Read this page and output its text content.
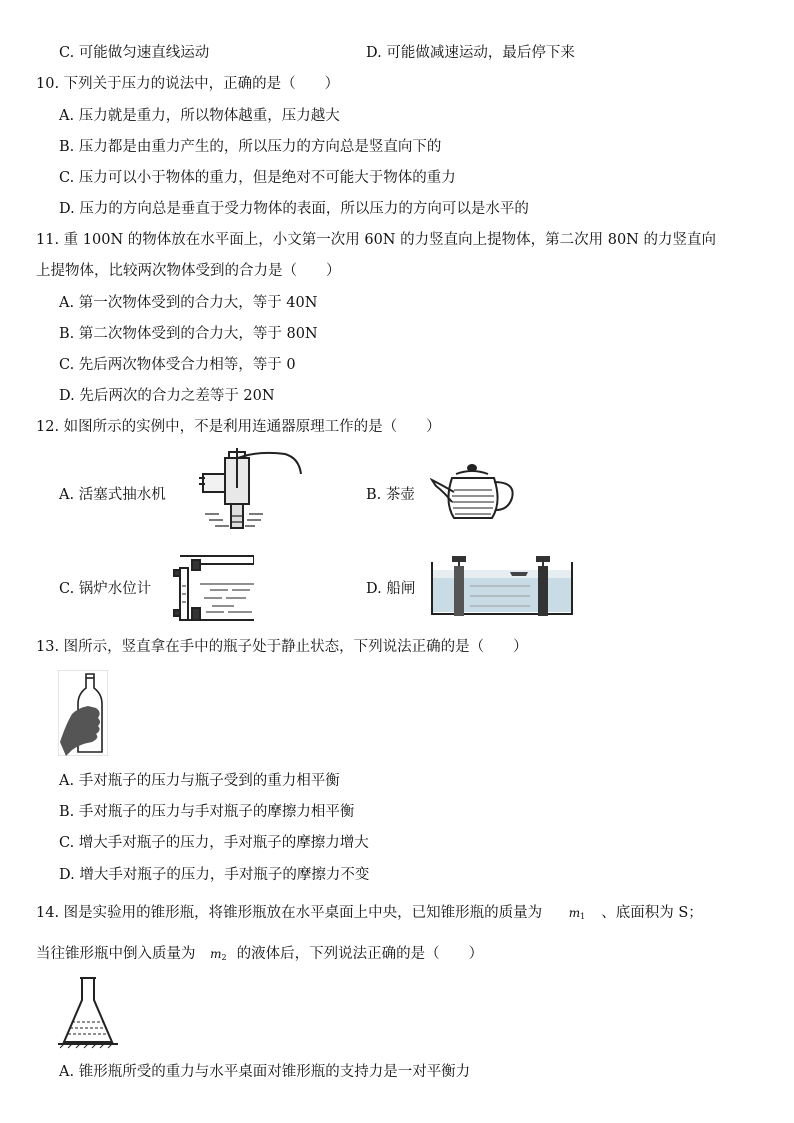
C. 可能做匀速直线运动	D. 可能做减速运动，最后停下来
10. 下列关于压力的说法中，正确的是（　　）
A. 压力就是重力，所以物体越重，压力越大
B. 压力都是由重力产生的，所以压力的方向总是竖直向下的
C. 压力可以小于物体的重力，但是绝对不可能大于物体的重力
D. 压力的方向总是垂直于受力物体的表面，所以压力的方向可以是水平的
11. 重 100N 的物体放在水平面上，小文第一次用 60N 的力竖直向上提物体，第二次用 80N 的力竖直向
上提物体，比较两次物体受到的合力是（　　）
A. 第一次物体受到的合力大，等于 40N
B. 第二次物体受到的合力大，等于 80N
C. 先后两次物体受合力相等，等于 0
D. 先后两次的合力之差等于 20N
12. 如图所示的实例中，不是利用连通器原理工作的是（　　）
A. 活塞式抽水机	B. 茶壶
C. 锅炉水位计	D. 船闸
13. 图所示，竖直拿在手中的瓶子处于静止状态，下列说法正确的是（　　）
A. 手对瓶子的压力与瓶子受到的重力相平衡
B. 手对瓶子的压力与手对瓶子的摩擦力相平衡
C. 增大手对瓶子的压力，手对瓶子的摩擦力增大
D. 增大手对瓶子的压力，手对瓶子的摩擦力不变
14. 图是实验用的锥形瓶，将锥形瓶放在水平桌面上中央，已知锥形瓶的质量为 $m_1$ 、底面积为 S；
当往锥形瓶中倒入质量为 $m_2$ 的液体后，下列说法正确的是（　　）
A. 锥形瓶所受的重力与水平桌面对锥形瓶的支持力是一对平衡力
